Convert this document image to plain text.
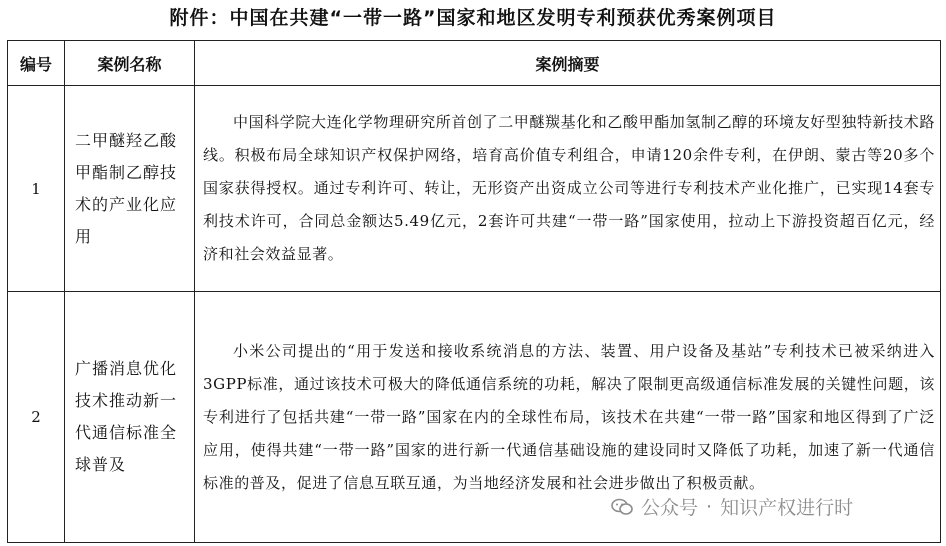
附件：中国在共建“一带一路”国家和地区发明专利预获优秀案例项目
编号	案例名称	案例摘要
1	二甲醚羟乙酸甲酯制乙醇技术的产业化应用	中国科学院大连化学物理研究所首创了二甲醚羰基化和乙酸甲酯加氢制乙醇的环境友好型独特新技术路线。积极布局全球知识产权保护网络，培育高价值专利组合，申请120余件专利，在伊朗、蒙古等20多个国家获得授权。通过专利许可、转让，无形资产出资成立公司等进行专利技术产业化推广，已实现14套专利技术许可，合同总金额达5.49亿元，2套许可共建“一带一路”国家使用，拉动上下游投资超百亿元，经济和社会效益显著。

2	广播消息优化技术推动新一代通信标准全球普及	小米公司提出的“用于发送和接收系统消息的方法、装置、用户设备及基站”专利技术已被采纳进入3GPP标准，通过该技术可极大的降低通信系统的功耗，解决了限制更高级通信标准发展的关键性问题，该专利进行了包括共建“一带一路”国家在内的全球性布局，该技术在共建“一带一路”国家和地区得到了广泛应用，使得共建“一带一路”国家的进行新一代通信基础设施的建设同时又降低了功耗，加速了新一代通信标准的普及，促进了信息互联互通，为当地经济发展和社会进步做出了积极贡献。
公众号 · 知识产权进行时
